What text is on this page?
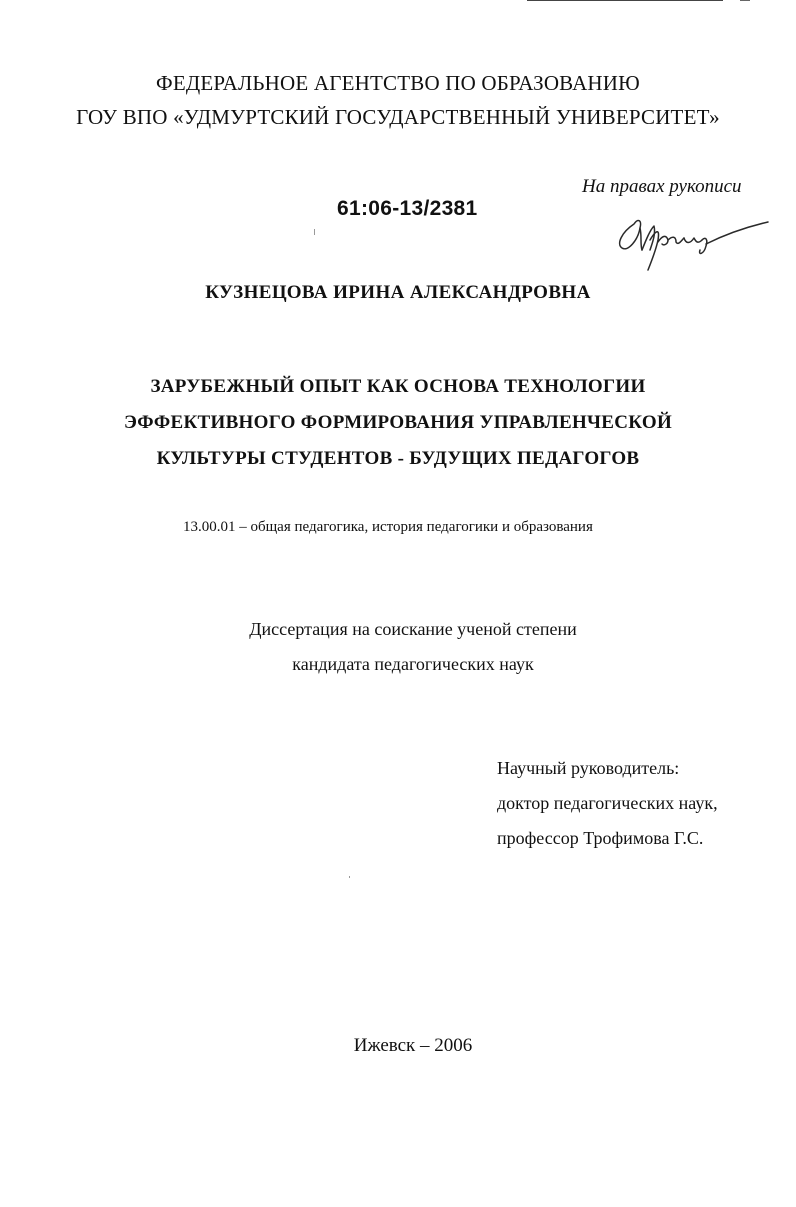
ФЕДЕРАЛЬНОЕ АГЕНТСТВО ПО ОБРАЗОВАНИЮ
ГОУ ВПО «УДМУРТСКИЙ ГОСУДАРСТВЕННЫЙ УНИВЕРСИТЕТ»
На правах рукописи
61:06-13/2381
КУЗНЕЦОВА ИРИНА АЛЕКСАНДРОВНА
ЗАРУБЕЖНЫЙ ОПЫТ КАК ОСНОВА ТЕХНОЛОГИИ
ЭФФЕКТИВНОГО ФОРМИРОВАНИЯ УПРАВЛЕНЧЕСКОЙ
КУЛЬТУРЫ СТУДЕНТОВ - БУДУЩИХ ПЕДАГОГОВ
13.00.01 – общая педагогика, история педагогики и образования
Диссертация на соискание ученой степени
кандидата педагогических наук
Научный руководитель:
доктор педагогических наук,
профессор Трофимова Г.С.
Ижевск – 2006
